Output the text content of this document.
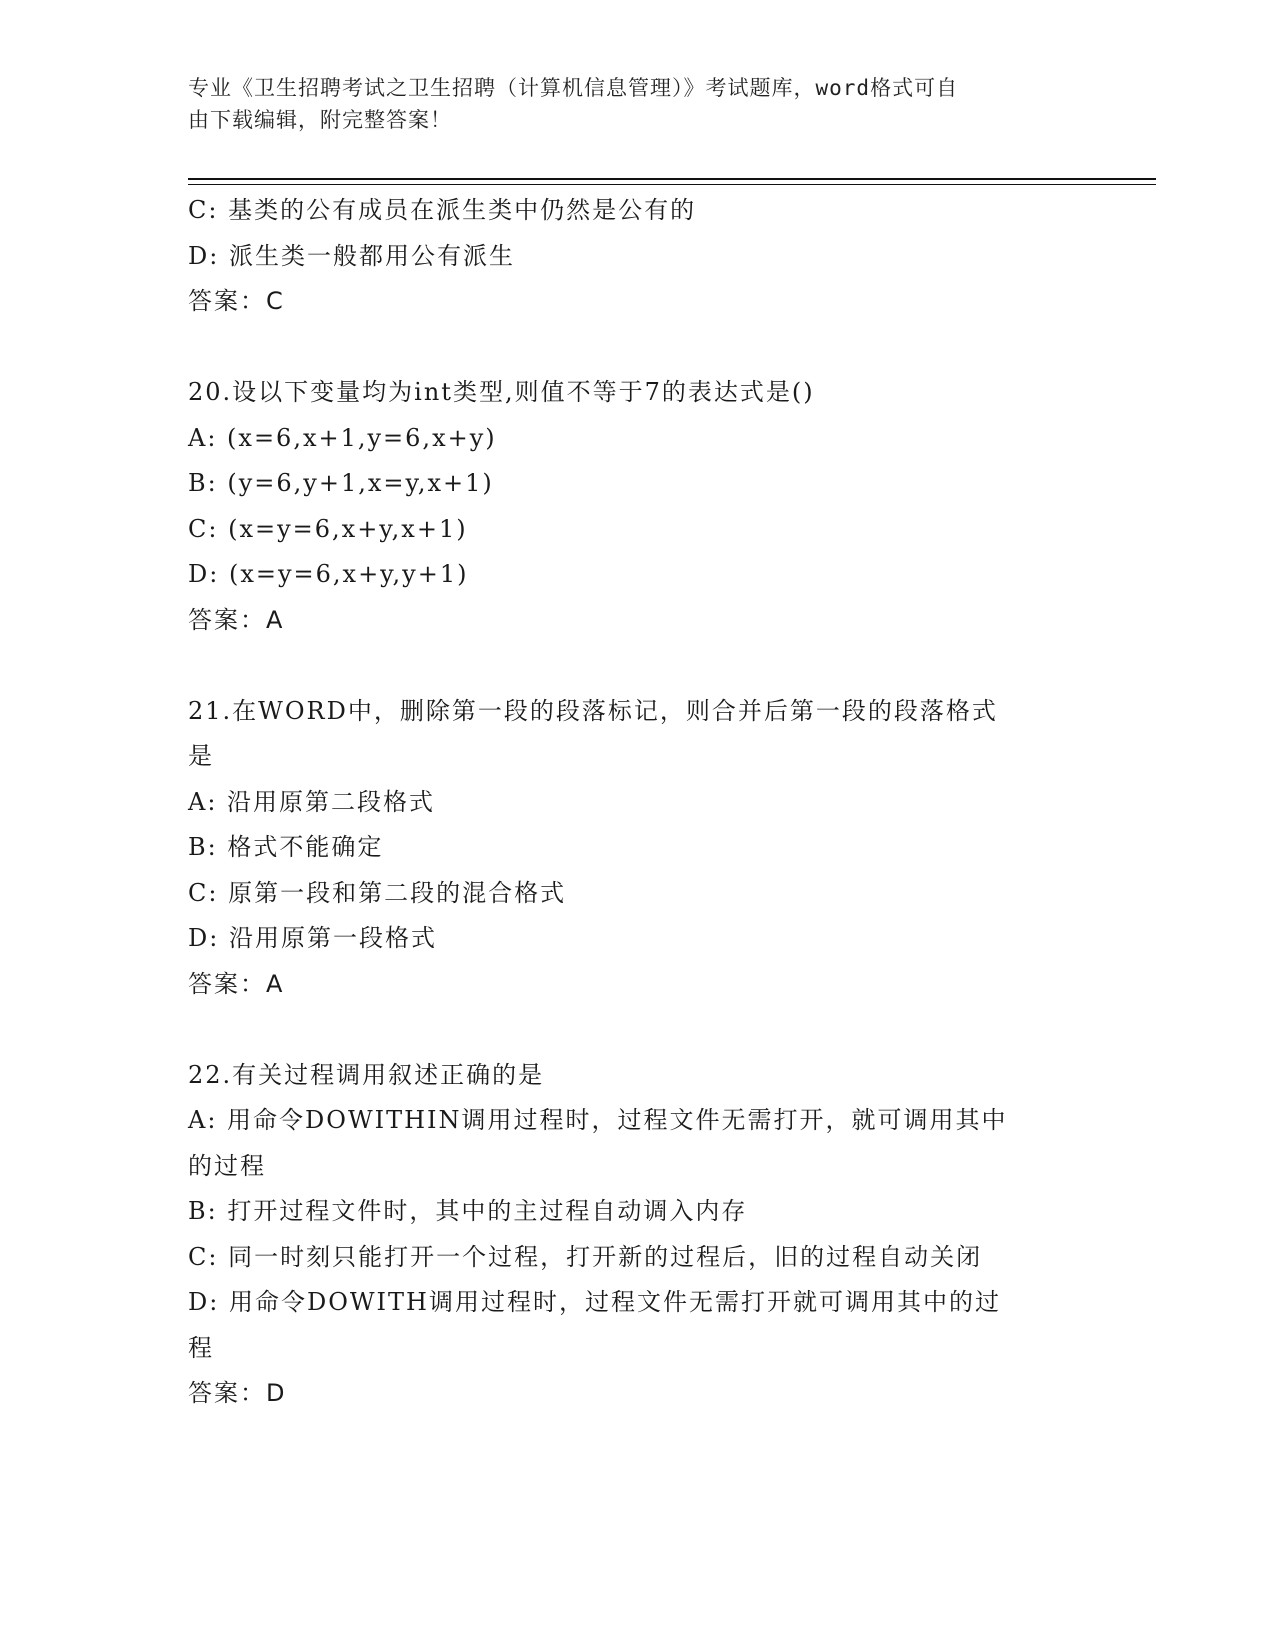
专业《卫生招聘考试之卫生招聘（计算机信息管理）》考试题库，word格式可自
由下载编辑，附完整答案！
C: 基类的公有成员在派生类中仍然是公有的
D: 派生类一般都用公有派生
答案：C
20.设以下变量均为int类型,则值不等于7的表达式是()
A: (x=6,x+1,y=6,x+y)
B: (y=6,y+1,x=y,x+1)
C: (x=y=6,x+y,x+1)
D: (x=y=6,x+y,y+1)
答案：A
21.在WORD中，删除第一段的段落标记，则合并后第一段的段落格式
是
A: 沿用原第二段格式
B: 格式不能确定
C: 原第一段和第二段的混合格式
D: 沿用原第一段格式
答案：A
22.有关过程调用叙述正确的是
A: 用命令DOWITHIN调用过程时，过程文件无需打开，就可调用其中
的过程
B: 打开过程文件时，其中的主过程自动调入内存
C: 同一时刻只能打开一个过程，打开新的过程后，旧的过程自动关闭
D: 用命令DOWITH调用过程时，过程文件无需打开就可调用其中的过
程
答案：D
